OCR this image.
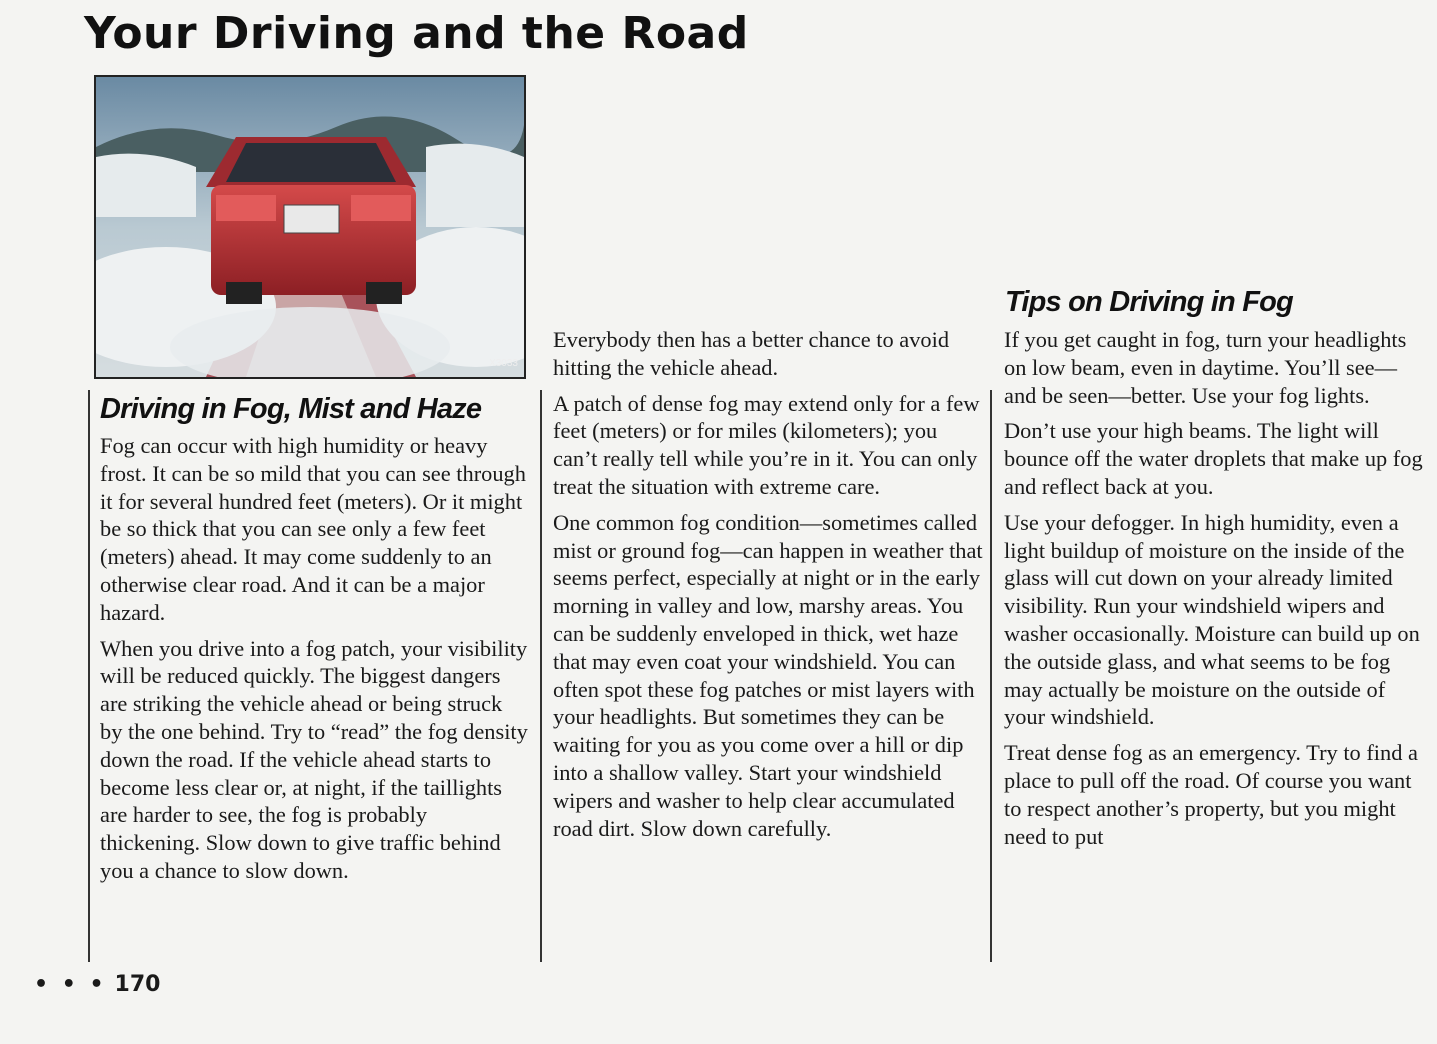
Your Driving and the Road
X3033
Driving in Fog, Mist and Haze

Fog can occur with high humidity or heavy frost. It can be so mild that you can see through it for several hundred feet (meters). Or it might be so thick that you can see only a few feet (meters) ahead. It may come suddenly to an otherwise clear road. And it can be a major hazard.

When you drive into a fog patch, your visibility will be reduced quickly. The biggest dangers are striking the vehicle ahead or being struck by the one behind. Try to “read” the fog density down the road. If the vehicle ahead starts to become less clear or, at night, if the taillights are harder to see, the fog is probably thickening. Slow down to give traffic behind you a chance to slow down.

Everybody then has a better chance to avoid hitting the vehicle ahead.

A patch of dense fog may extend only for a few feet (meters) or for miles (kilometers); you can’t really tell while you’re in it. You can only treat the situation with extreme care.

One common fog condition—sometimes called mist or ground fog—can happen in weather that seems perfect, especially at night or in the early morning in valley and low, marshy areas. You can be suddenly enveloped in thick, wet haze that may even coat your windshield. You can often spot these fog patches or mist layers with your headlights. But sometimes they can be waiting for you as you come over a hill or dip into a shallow valley. Start your windshield wipers and washer to help clear accumulated road dirt. Slow down carefully.

Tips on Driving in Fog

If you get caught in fog, turn your headlights on low beam, even in daytime. You’ll see—and be seen—better. Use your fog lights.

Don’t use your high beams. The light will bounce off the water droplets that make up fog and reflect back at you.

Use your defogger. In high humidity, even a light buildup of moisture on the inside of the glass will cut down on your already limited visibility. Run your windshield wipers and washer occasionally. Moisture can build up on the outside glass, and what seems to be fog may actually be moisture on the outside of your windshield.

Treat dense fog as an emergency. Try to find a place to pull off the road. Of course you want to respect another’s property, but you might need to put

• • • 170
